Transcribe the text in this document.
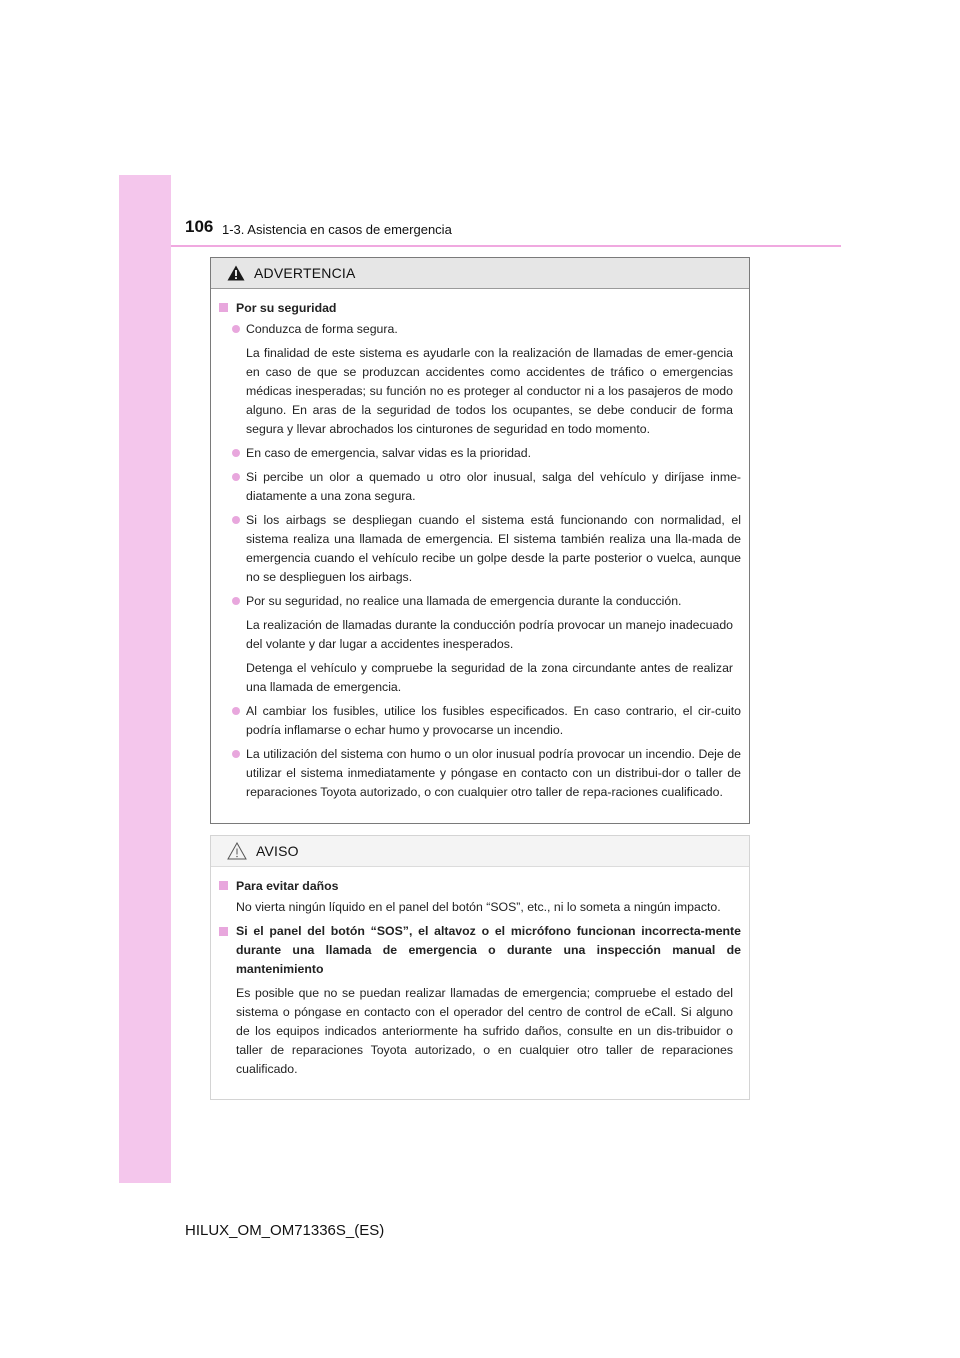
106 1-3. Asistencia en casos de emergencia
ADVERTENCIA
Por su seguridad
Conduzca de forma segura.
La finalidad de este sistema es ayudarle con la realización de llamadas de emer-gencia en caso de que se produzcan accidentes como accidentes de tráfico o emergencias médicas inesperadas; su función no es proteger al conductor ni a los pasajeros de modo alguno. En aras de la seguridad de todos los ocupantes, se debe conducir de forma segura y llevar abrochados los cinturones de seguridad en todo momento.
En caso de emergencia, salvar vidas es la prioridad.
Si percibe un olor a quemado u otro olor inusual, salga del vehículo y diríjase inme-diatamente a una zona segura.
Si los airbags se despliegan cuando el sistema está funcionando con normalidad, el sistema realiza una llamada de emergencia. El sistema también realiza una lla-mada de emergencia cuando el vehículo recibe un golpe desde la parte posterior o vuelca, aunque no se desplieguen los airbags.
Por su seguridad, no realice una llamada de emergencia durante la conducción.
La realización de llamadas durante la conducción podría provocar un manejo inadecuado del volante y dar lugar a accidentes inesperados.
Detenga el vehículo y compruebe la seguridad de la zona circundante antes de realizar una llamada de emergencia.
Al cambiar los fusibles, utilice los fusibles especificados. En caso contrario, el cir-cuito podría inflamarse o echar humo y provocarse un incendio.
La utilización del sistema con humo o un olor inusual podría provocar un incendio. Deje de utilizar el sistema inmediatamente y póngase en contacto con un distribui-dor o taller de reparaciones Toyota autorizado, o con cualquier otro taller de repa-raciones cualificado.
AVISO
Para evitar daños
No vierta ningún líquido en el panel del botón “SOS”, etc., ni lo someta a ningún impacto.
Si el panel del botón “SOS”, el altavoz o el micrófono funcionan incorrecta-mente durante una llamada de emergencia o durante una inspección manual de mantenimiento
Es posible que no se puedan realizar llamadas de emergencia; compruebe el estado del sistema o póngase en contacto con el operador del centro de control de eCall. Si alguno de los equipos indicados anteriormente ha sufrido daños, consulte en un dis-tribuidor o taller de reparaciones Toyota autorizado, o en cualquier otro taller de reparaciones cualificado.
HILUX_OM_OM71336S_(ES)
